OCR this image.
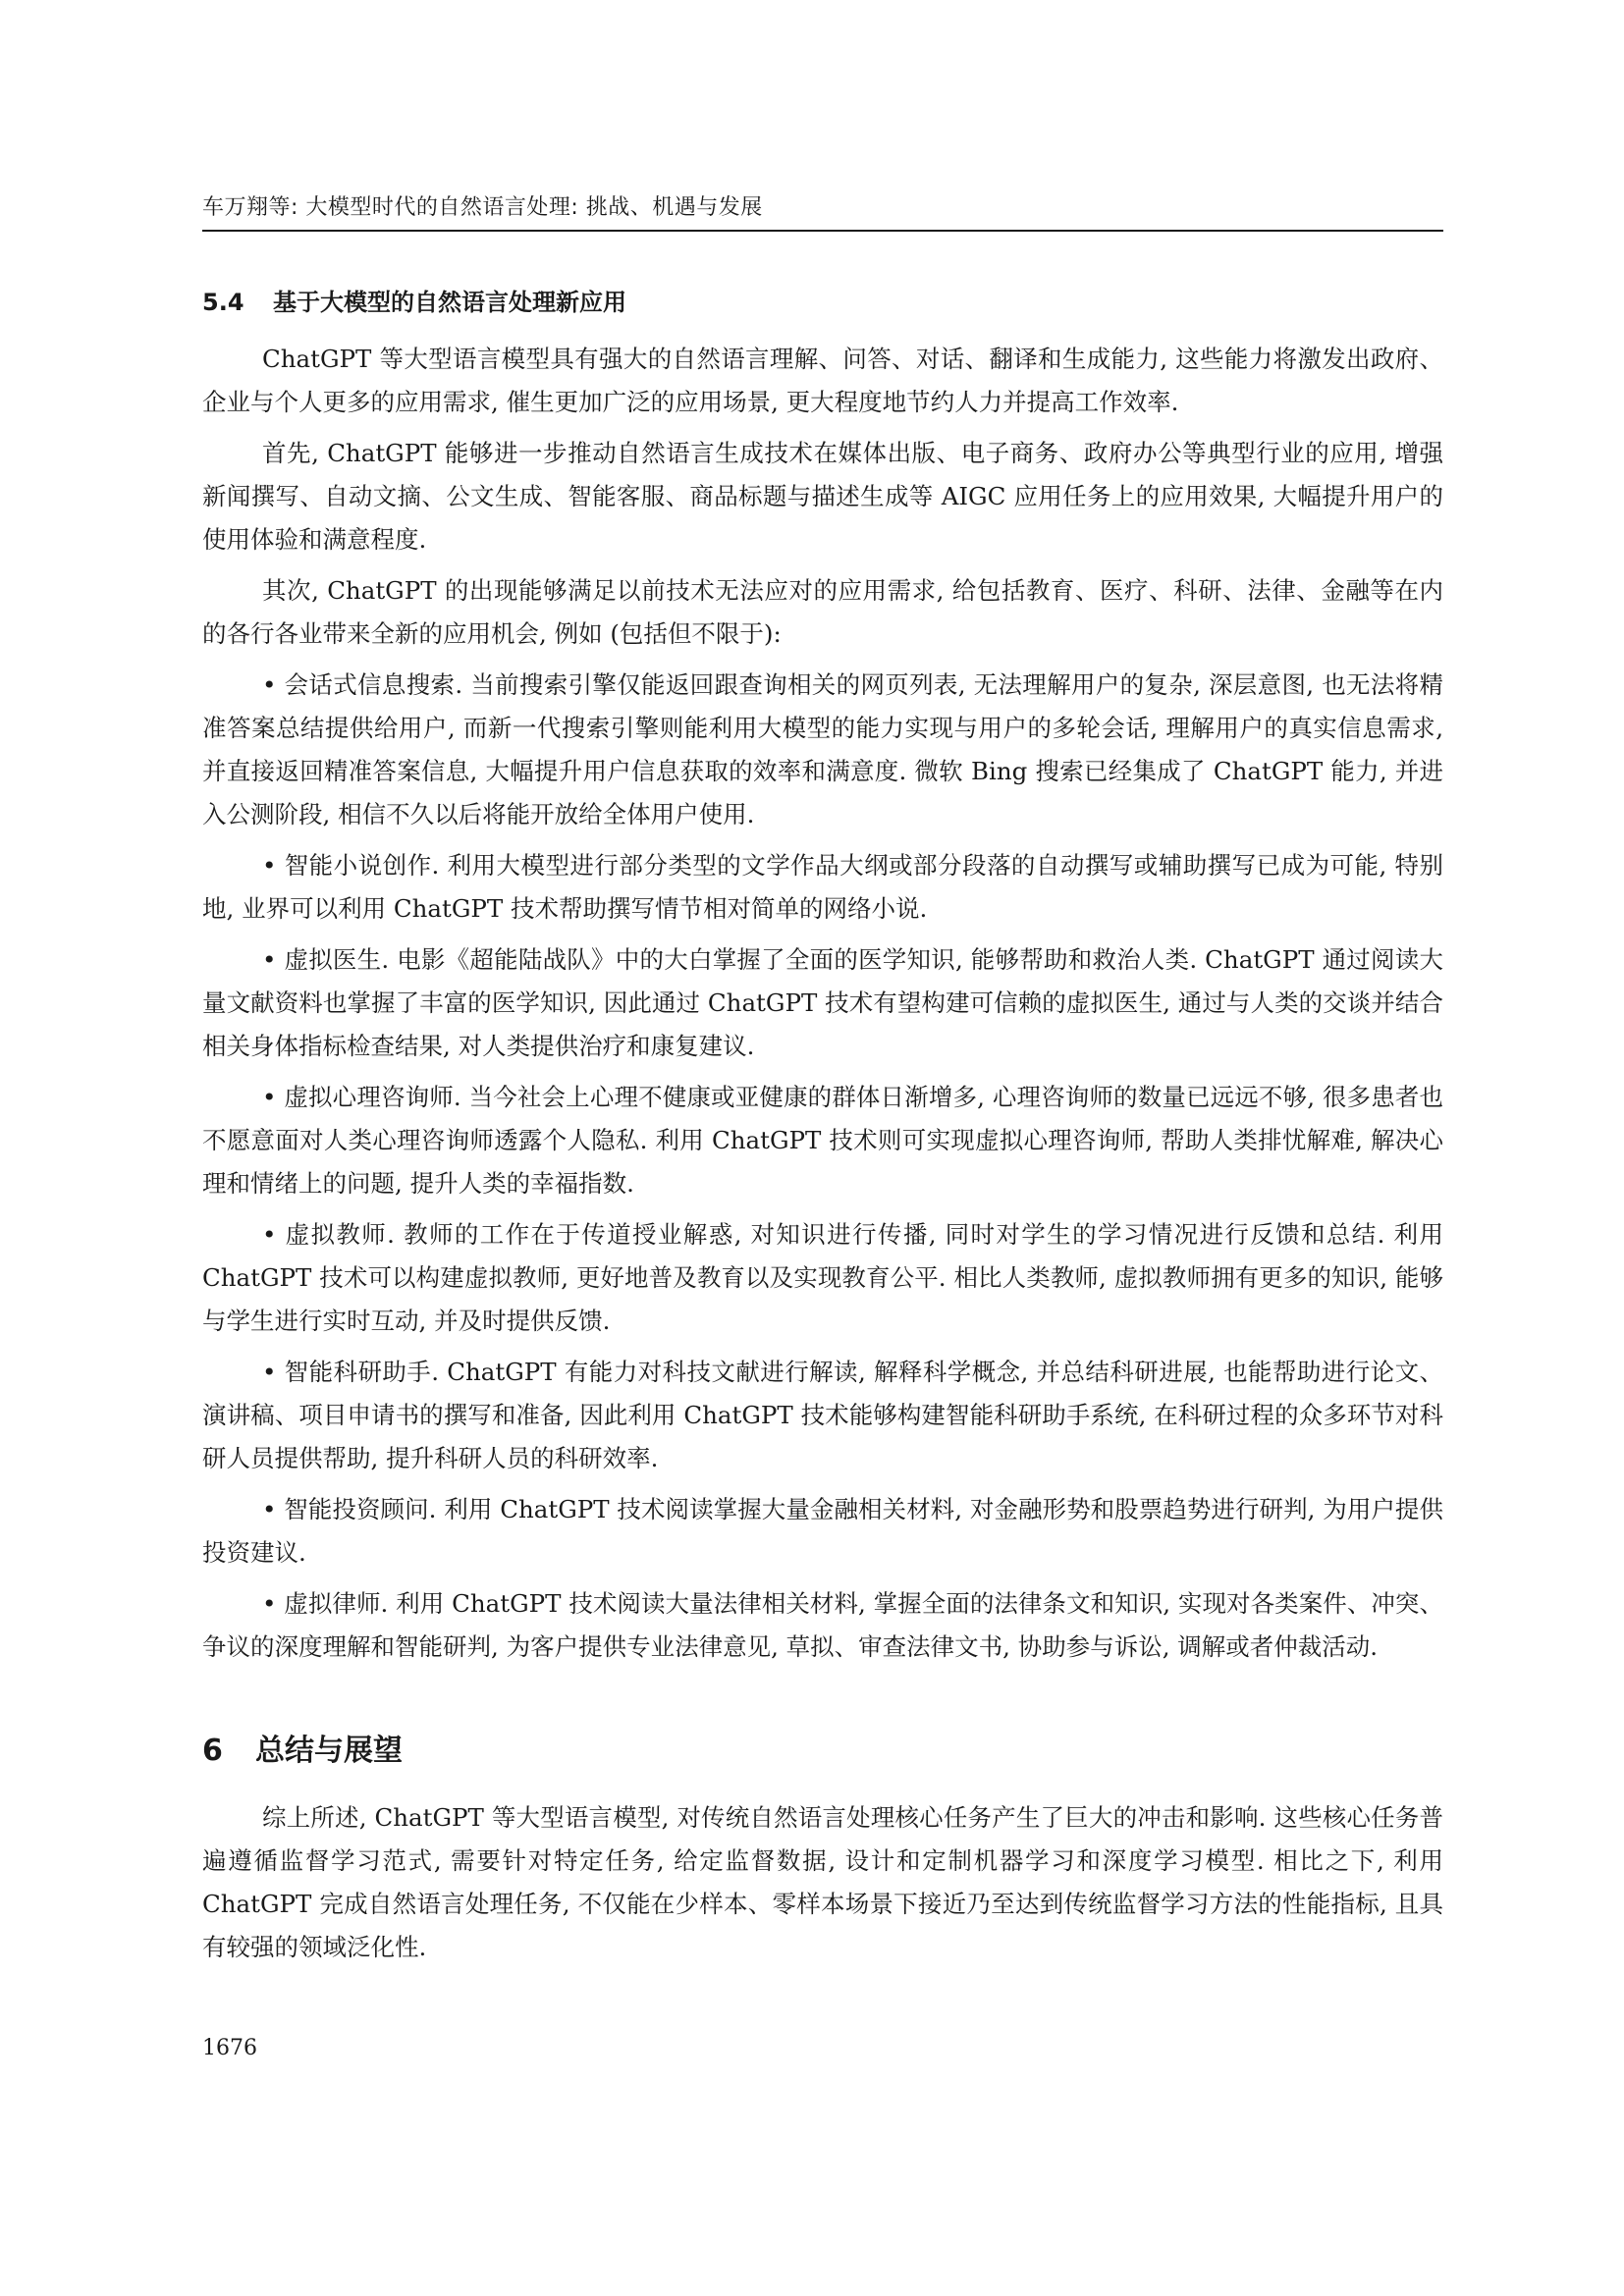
车万翔等: 大模型时代的自然语言处理: 挑战、机遇与发展
5.4 基于大模型的自然语言处理新应用

ChatGPT 等大型语言模型具有强大的自然语言理解、问答、对话、翻译和生成能力, 这些能力将激发出政府、企业与个人更多的应用需求, 催生更加广泛的应用场景, 更大程度地节约人力并提高工作效率.

首先, ChatGPT 能够进一步推动自然语言生成技术在媒体出版、电子商务、政府办公等典型行业的应用, 增强新闻撰写、自动文摘、公文生成、智能客服、商品标题与描述生成等 AIGC 应用任务上的应用效果, 大幅提升用户的使用体验和满意程度.

其次, ChatGPT 的出现能够满足以前技术无法应对的应用需求, 给包括教育、医疗、科研、法律、金融等在内的各行各业带来全新的应用机会, 例如 (包括但不限于):

• 会话式信息搜索. 当前搜索引擎仅能返回跟查询相关的网页列表, 无法理解用户的复杂, 深层意图, 也无法将精准答案总结提供给用户, 而新一代搜索引擎则能利用大模型的能力实现与用户的多轮会话, 理解用户的真实信息需求, 并直接返回精准答案信息, 大幅提升用户信息获取的效率和满意度. 微软 Bing 搜索已经集成了 ChatGPT 能力, 并进入公测阶段, 相信不久以后将能开放给全体用户使用.

• 智能小说创作. 利用大模型进行部分类型的文学作品大纲或部分段落的自动撰写或辅助撰写已成为可能, 特别地, 业界可以利用 ChatGPT 技术帮助撰写情节相对简单的网络小说.

• 虚拟医生. 电影《超能陆战队》中的大白掌握了全面的医学知识, 能够帮助和救治人类. ChatGPT 通过阅读大量文献资料也掌握了丰富的医学知识, 因此通过 ChatGPT 技术有望构建可信赖的虚拟医生, 通过与人类的交谈并结合相关身体指标检查结果, 对人类提供治疗和康复建议.

• 虚拟心理咨询师. 当今社会上心理不健康或亚健康的群体日渐增多, 心理咨询师的数量已远远不够, 很多患者也不愿意面对人类心理咨询师透露个人隐私. 利用 ChatGPT 技术则可实现虚拟心理咨询师, 帮助人类排忧解难, 解决心理和情绪上的问题, 提升人类的幸福指数.

• 虚拟教师. 教师的工作在于传道授业解惑, 对知识进行传播, 同时对学生的学习情况进行反馈和总结. 利用 ChatGPT 技术可以构建虚拟教师, 更好地普及教育以及实现教育公平. 相比人类教师, 虚拟教师拥有更多的知识, 能够与学生进行实时互动, 并及时提供反馈.

• 智能科研助手. ChatGPT 有能力对科技文献进行解读, 解释科学概念, 并总结科研进展, 也能帮助进行论文、演讲稿、项目申请书的撰写和准备, 因此利用 ChatGPT 技术能够构建智能科研助手系统, 在科研过程的众多环节对科研人员提供帮助, 提升科研人员的科研效率.

• 智能投资顾问. 利用 ChatGPT 技术阅读掌握大量金融相关材料, 对金融形势和股票趋势进行研判, 为用户提供投资建议.

• 虚拟律师. 利用 ChatGPT 技术阅读大量法律相关材料, 掌握全面的法律条文和知识, 实现对各类案件、冲突、争议的深度理解和智能研判, 为客户提供专业法律意见, 草拟、审查法律文书, 协助参与诉讼, 调解或者仲裁活动.

6 总结与展望

综上所述, ChatGPT 等大型语言模型, 对传统自然语言处理核心任务产生了巨大的冲击和影响. 这些核心任务普遍遵循监督学习范式, 需要针对特定任务, 给定监督数据, 设计和定制机器学习和深度学习模型. 相比之下, 利用 ChatGPT 完成自然语言处理任务, 不仅能在少样本、零样本场景下接近乃至达到传统监督学习方法的性能指标, 且具有较强的领域泛化性.

1676
